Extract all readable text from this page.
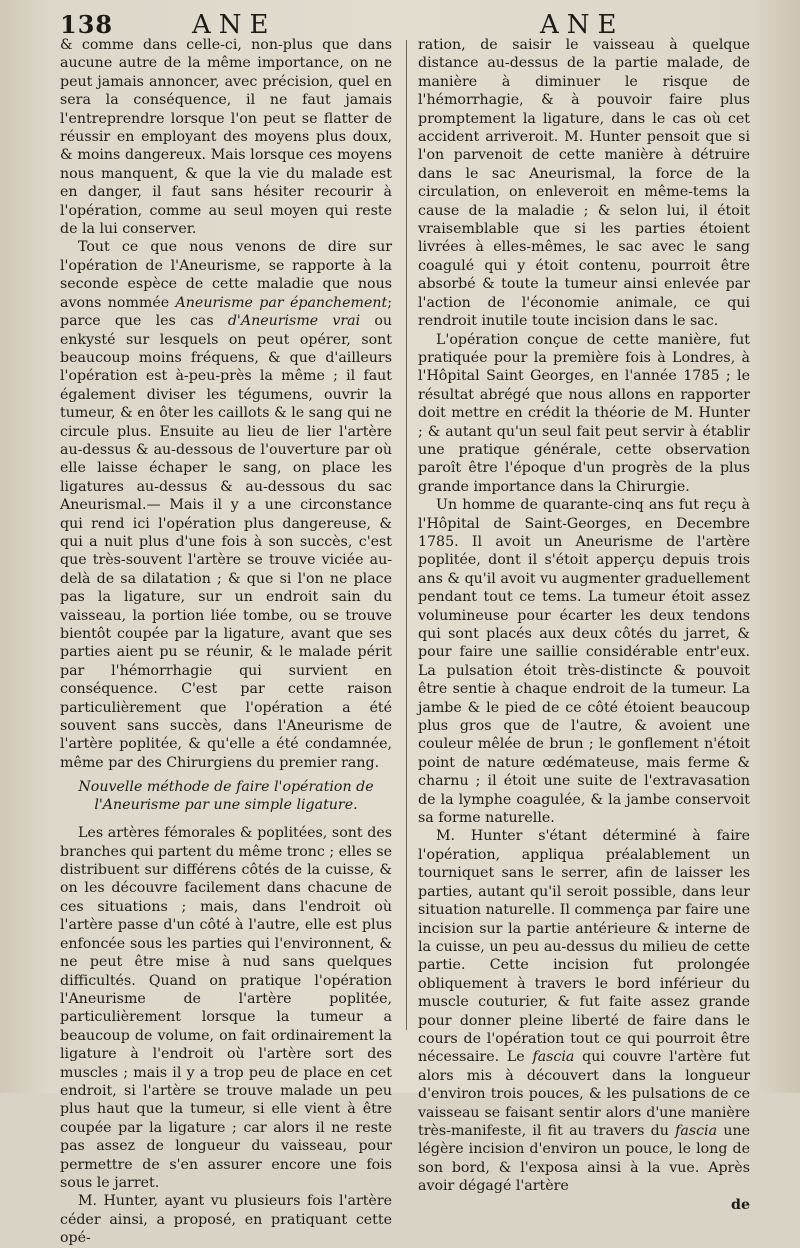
138	ANE	ANE

& comme dans celle-ci, non-plus que dans aucune autre de la même importance, on ne peut jamais annoncer, avec précision, quel en sera la conséquence, il ne faut jamais l'entreprendre lorsque l'on peut se flatter de réussir en employant des moyens plus doux, & moins dangereux. Mais lorsque ces moyens nous manquent, & que la vie du malade est en danger, il faut sans hésiter recourir à l'opération, comme au seul moyen qui reste de la lui conserver.

Tout ce que nous venons de dire sur l'opération de l'Aneurisme, se rapporte à la seconde espèce de cette maladie que nous avons nommée Aneurisme par épanchement; parce que les cas d'Aneurisme vrai ou enkysté sur lesquels on peut opérer, sont beaucoup moins fréquens, & que d'ailleurs l'opération est à-peu-près la même ; il faut également diviser les tégumens, ouvrir la tumeur, & en ôter les caillots & le sang qui ne circule plus. Ensuite au lieu de lier l'artère au-dessus & au-dessous de l'ouverture par où elle laisse échaper le sang, on place les ligatures au-dessus & au-dessous du sac Aneurismal.— Mais il y a une circonstance qui rend ici l'opération plus dangereuse, & qui a nuit plus d'une fois à son succès, c'est que très-souvent l'artère se trouve viciée au-delà de sa dilatation ; & que si l'on ne place pas la ligature, sur un endroit sain du vaisseau, la portion liée tombe, ou se trouve bientôt coupée par la ligature, avant que ses parties aient pu se réunir, & le malade périt par l'hémorrhagie qui survient en conséquence. C'est par cette raison particulièrement que l'opération a été souvent sans succès, dans l'Aneurisme de l'artère poplitée, & qu'elle a été condamnée, même par des Chirurgiens du premier rang.

Nouvelle méthode de faire l'opération de l'Aneurisme par une simple ligature.

Les artères fémorales & poplitées, sont des branches qui partent du même tronc ; elles se distribuent sur différens côtés de la cuisse, & on les découvre facilement dans chacune de ces situations ; mais, dans l'endroit où l'artère passe d'un côté à l'autre, elle est plus enfoncée sous les parties qui l'environnent, & ne peut être mise à nud sans quelques difficultés. Quand on pratique l'opération l'Aneurisme de l'artère poplitée, particulièrement lorsque la tumeur a beaucoup de volume, on fait ordinairement la ligature à l'endroit où l'artère sort des muscles ; mais il y a trop peu de place en cet endroit, si l'artère se trouve malade un peu plus haut que la tumeur, si elle vient à être coupée par la ligature ; car alors il ne reste pas assez de longueur du vaisseau, pour permettre de s'en assurer encore une fois sous le jarret.

M. Hunter, ayant vu plusieurs fois l'artère céder ainsi, a proposé, en pratiquant cette opé-

ration, de saisir le vaisseau à quelque distance au-dessus de la partie malade, de manière à diminuer le risque de l'hémorrhagie, & à pouvoir faire plus promptement la ligature, dans le cas où cet accident arriveroit. M. Hunter pensoit que si l'on parvenoit de cette manière à détruire dans le sac Aneurismal, la force de la circulation, on enleveroit en même-tems la cause de la maladie ; & selon lui, il étoit vraisemblable que si les parties étoient livrées à elles-mêmes, le sac avec le sang coagulé qui y étoit contenu, pourroit être absorbé & toute la tumeur ainsi enlevée par l'action de l'économie animale, ce qui rendroit inutile toute incision dans le sac.

L'opération conçue de cette manière, fut pratiquée pour la première fois à Londres, à l'Hôpital Saint Georges, en l'année 1785 ; le résultat abrégé que nous allons en rapporter doit mettre en crédit la théorie de M. Hunter ; & autant qu'un seul fait peut servir à établir une pratique générale, cette observation paroît être l'époque d'un progrès de la plus grande importance dans la Chirurgie.

Un homme de quarante-cinq ans fut reçu à l'Hôpital de Saint-Georges, en Decembre 1785. Il avoit un Aneurisme de l'artère poplitée, dont il s'étoit apperçu depuis trois ans & qu'il avoit vu augmenter graduellement pendant tout ce tems. La tumeur étoit assez volumineuse pour écarter les deux tendons qui sont placés aux deux côtés du jarret, & pour faire une saillie considérable entr'eux. La pulsation étoit très-distincte & pouvoit être sentie à chaque endroit de la tumeur. La jambe & le pied de ce côté étoient beaucoup plus gros que de l'autre, & avoient une couleur mêlée de brun ; le gonflement n'étoit point de nature œdémateuse, mais ferme & charnu ; il étoit une suite de l'extravasation de la lymphe coagulée, & la jambe conservoit sa forme naturelle.

M. Hunter s'étant déterminé à faire l'opération, appliqua préalablement un tourniquet sans le serrer, afin de laisser les parties, autant qu'il seroit possible, dans leur situation naturelle. Il commença par faire une incision sur la partie antérieure & interne de la cuisse, un peu au-dessus du milieu de cette partie. Cette incision fut prolongée obliquement à travers le bord inférieur du muscle couturier, & fut faite assez grande pour donner pleine liberté de faire dans le cours de l'opération tout ce qui pourroit être nécessaire. Le fascia qui couvre l'artère fut alors mis à découvert dans la longueur d'environ trois pouces, & les pulsations de ce vaisseau se faisant sentir alors d'une manière très-manifeste, il fit au travers du fascia une légère incision d'environ un pouce, le long de son bord, & l'exposa ainsi à la vue. Après avoir dégagé l'artère

de
